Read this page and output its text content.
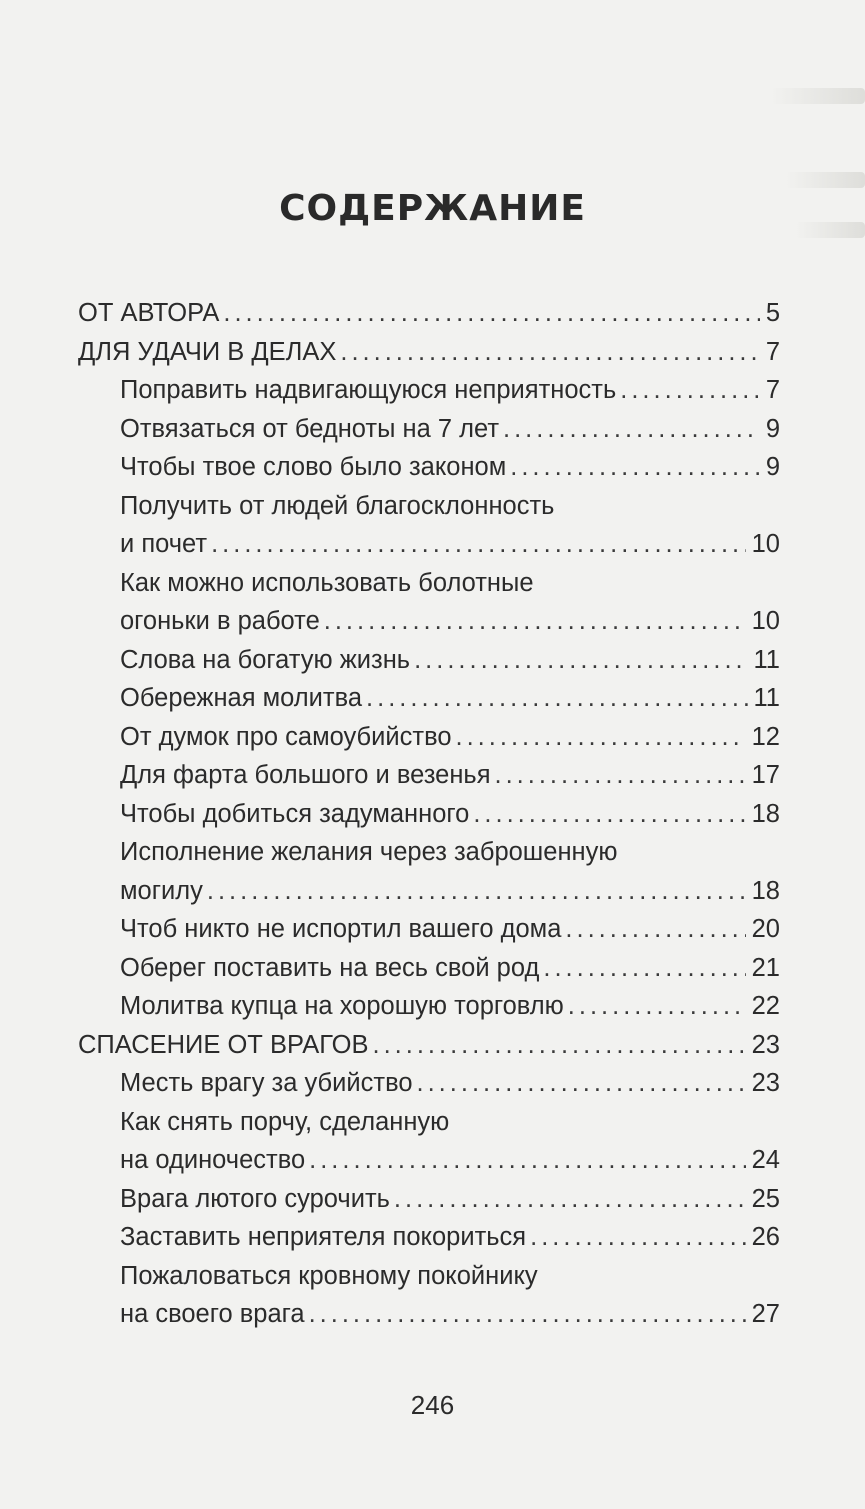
СОДЕРЖАНИЕ
ОТ АВТОРА .....	5
ДЛЯ УДАЧИ В ДЕЛАХ .....	7
Поправить надвигающуюся неприятность .....	7
Отвязаться от бедноты на 7 лет .....	9
Чтобы твое слово было законом .....	9
Получить от людей благосклонность
и почет .....	10
Как можно использовать болотные
огоньки в работе .....	10
Слова на богатую жизнь .....	11
Обережная молитва .....	11
От думок про самоубийство .....	12
Для фарта большого и везенья .....	17
Чтобы добиться задуманного .....	18
Исполнение желания через заброшенную
могилу .....	18
Чтоб никто не испортил вашего дома .....	20
Оберег поставить на весь свой род .....	21
Молитва купца на хорошую торговлю .....	22
СПАСЕНИЕ ОТ ВРАГОВ .....	23
Месть врагу за убийство .....	23
Как снять порчу, сделанную
на одиночество .....	24
Врага лютого сурочить .....	25
Заставить неприятеля покориться .....	26
Пожаловаться кровному покойнику
на своего врага .....	27
246
